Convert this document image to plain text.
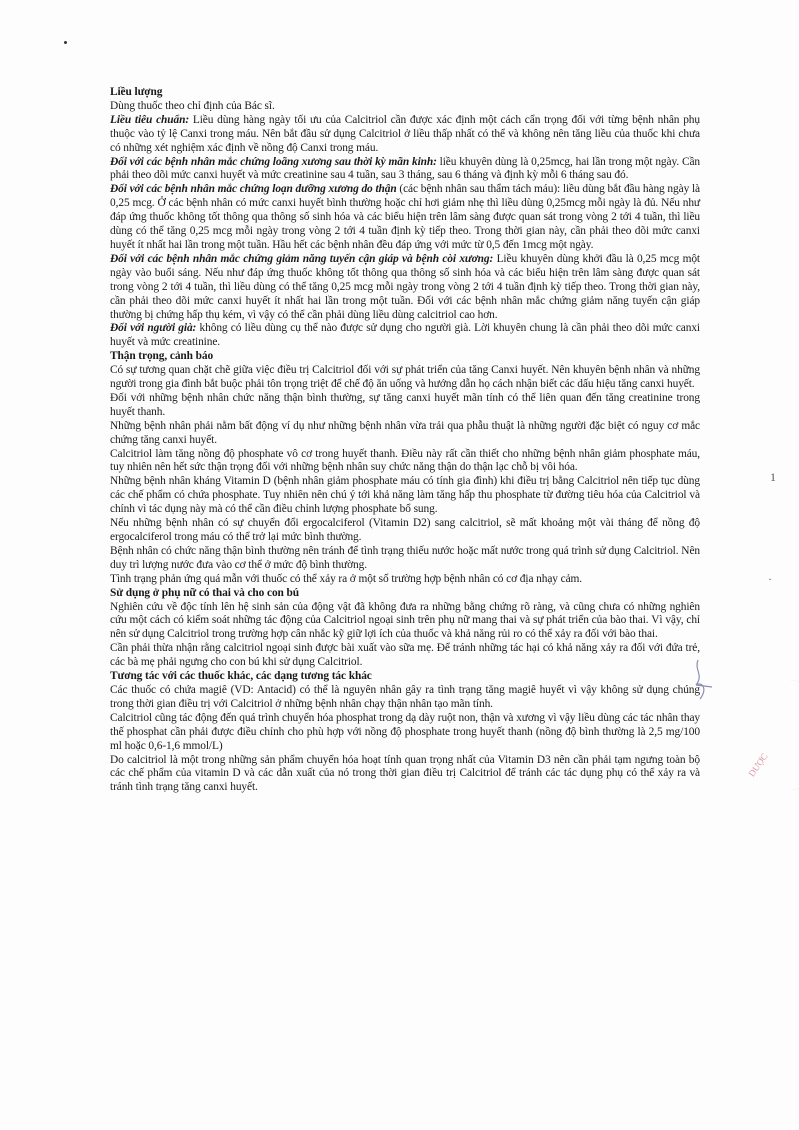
Liều lượng

Dùng thuốc theo chỉ định của Bác sĩ.

Liều tiêu chuẩn: Liều dùng hàng ngày tối ưu của Calcitriol cần được xác định một cách cẩn trọng đối với từng bệnh nhân phụ thuộc vào tỷ lệ Canxi trong máu. Nên bắt đầu sử dụng Calcitriol ở liều thấp nhất có thể và không nên tăng liều của thuốc khi chưa có những xét nghiệm xác định về nồng độ Canxi trong máu.

Đối với các bệnh nhân mắc chứng loãng xương sau thời kỳ mãn kinh: liều khuyên dùng là 0,25mcg, hai lần trong một ngày. Cần phải theo dõi mức canxi huyết và mức creatinine sau 4 tuần, sau 3 tháng, sau 6 tháng và định kỳ mỗi 6 tháng sau đó.

Đối với các bệnh nhân mắc chứng loạn dưỡng xương do thận (các bệnh nhân sau thẩm tách máu): liều dùng bắt đầu hàng ngày là 0,25 mcg. Ở các bệnh nhân có mức canxi huyết bình thường hoặc chỉ hơi giảm nhẹ thì liều dùng 0,25mcg mỗi ngày là đủ. Nếu như đáp ứng thuốc không tốt thông qua thông số sinh hóa và các biểu hiện trên lâm sàng được quan sát trong vòng 2 tới 4 tuần, thì liều dùng có thể tăng 0,25 mcg mỗi ngày trong vòng 2 tới 4 tuần định kỳ tiếp theo. Trong thời gian này, cần phải theo dõi mức canxi huyết ít nhất hai lần trong một tuần. Hầu hết các bệnh nhân đều đáp ứng với mức từ 0,5 đến 1mcg một ngày.

Đối với các bệnh nhân mắc chứng giảm năng tuyến cận giáp và bệnh còi xương: Liều khuyên dùng khởi đầu là 0,25 mcg một ngày vào buổi sáng. Nếu như đáp ứng thuốc không tốt thông qua thông số sinh hóa và các biểu hiện trên lâm sàng được quan sát trong vòng 2 tới 4 tuần, thì liều dùng có thể tăng 0,25 mcg mỗi ngày trong vòng 2 tới 4 tuần định kỳ tiếp theo. Trong thời gian này, cần phải theo dõi mức canxi huyết ít nhất hai lần trong một tuần. Đối với các bệnh nhân mắc chứng giảm năng tuyến cận giáp thường bị chứng hấp thụ kém, vì vậy có thể cần phải dùng liều dùng calcitriol cao hơn.

Đối với người già: không có liều dùng cụ thể nào được sử dụng cho người già. Lời khuyên chung là cần phải theo dõi mức canxi huyết và mức creatinine.

Thận trọng, cảnh báo

Có sự tương quan chặt chẽ giữa việc điều trị Calcitriol đối với sự phát triển của tăng Canxi huyết. Nên khuyên bệnh nhân và những người trong gia đình bắt buộc phải tôn trọng triệt để chế độ ăn uống và hướng dẫn họ cách nhận biết các dấu hiệu tăng canxi huyết.

Đối với những bệnh nhân chức năng thận bình thường, sự tăng canxi huyết mãn tính có thể liên quan đến tăng creatinine trong huyết thanh.

Những bệnh nhân phải nằm bất động ví dụ như những bệnh nhân vừa trải qua phẫu thuật là những người đặc biệt có nguy cơ mắc chứng tăng canxi huyết.

Calcitriol làm tăng nồng độ phosphate vô cơ trong huyết thanh. Điều này rất cần thiết cho những bệnh nhân giảm phosphate máu, tuy nhiên nên hết sức thận trọng đối với những bệnh nhân suy chức năng thận do thận lạc chỗ bị vôi hóa.

Những bệnh nhân kháng Vitamin D (bệnh nhân giảm phosphate máu có tính gia đình) khi điều trị bằng Calcitriol nên tiếp tục dùng các chế phẩm có chứa phosphate. Tuy nhiên nên chú ý tới khả năng làm tăng hấp thu phosphate từ đường tiêu hóa của Calcitriol và chính vì tác dụng này mà có thể cần điều chỉnh lượng phosphate bổ sung.

Nếu những bệnh nhân có sự chuyển đổi ergocalciferol (Vitamin D2) sang calcitriol, sẽ mất khoảng một vài tháng để nồng độ ergocalciferol trong máu có thể trở lại mức bình thường.

Bệnh nhân có chức năng thận bình thường nên tránh để tình trạng thiếu nước hoặc mất nước trong quá trình sử dụng Calcitriol. Nên duy trì lượng nước đưa vào cơ thể ở mức độ bình thường.

Tình trạng phản ứng quá mẫn với thuốc có thể xảy ra ở một số trường hợp bệnh nhân có cơ địa nhạy cảm.

Sử dụng ở phụ nữ có thai và cho con bú

Nghiên cứu về độc tính lên hệ sinh sản của động vật đã không đưa ra những bằng chứng rõ ràng, và cũng chưa có những nghiên cứu một cách có kiểm soát những tác động của Calcitriol ngoại sinh trên phụ nữ mang thai và sự phát triển của bào thai. Vì vậy, chỉ nên sử dụng Calcitriol trong trường hợp cân nhắc kỹ giữ lợi ích của thuốc và khả năng rủi ro có thể xảy ra đối với bào thai.

Cần phải thừa nhận rằng calcitriol ngoại sinh được bài xuất vào sữa mẹ. Để tránh những tác hại có khả năng xảy ra đối với đứa trẻ, các bà mẹ phải ngưng cho con bú khi sử dụng Calcitriol.

Tương tác với các thuốc khác, các dạng tương tác khác

Các thuốc có chứa magiê (VD: Antacid) có thể là nguyên nhân gây ra tình trạng tăng magiê huyết vì vậy không sử dụng chúng trong thời gian điều trị với Calcitriol ở những bệnh nhân chạy thận nhân tạo mãn tính.

Calcitriol cũng tác động đến quá trình chuyển hóa phosphat trong dạ dày ruột non, thận và xương vì vậy liều dùng các tác nhân thay thế phosphat cần phải được điều chỉnh cho phù hợp với nồng độ phosphate trong huyết thanh (nồng độ bình thường là 2,5 mg/100 ml hoặc 0,6-1,6 mmol/L)

Do calcitriol là một trong những sản phẩm chuyển hóa hoạt tính quan trọng nhất của Vitamin D3 nên cần phải tạm ngưng toàn bộ các chế phẩm của vitamin D và các dẫn xuất của nó trong thời gian điều trị Calcitriol để tránh các tác dụng phụ có thể xảy ra và tránh tình trạng tăng canxi huyết.

1
·
DƯỢC
